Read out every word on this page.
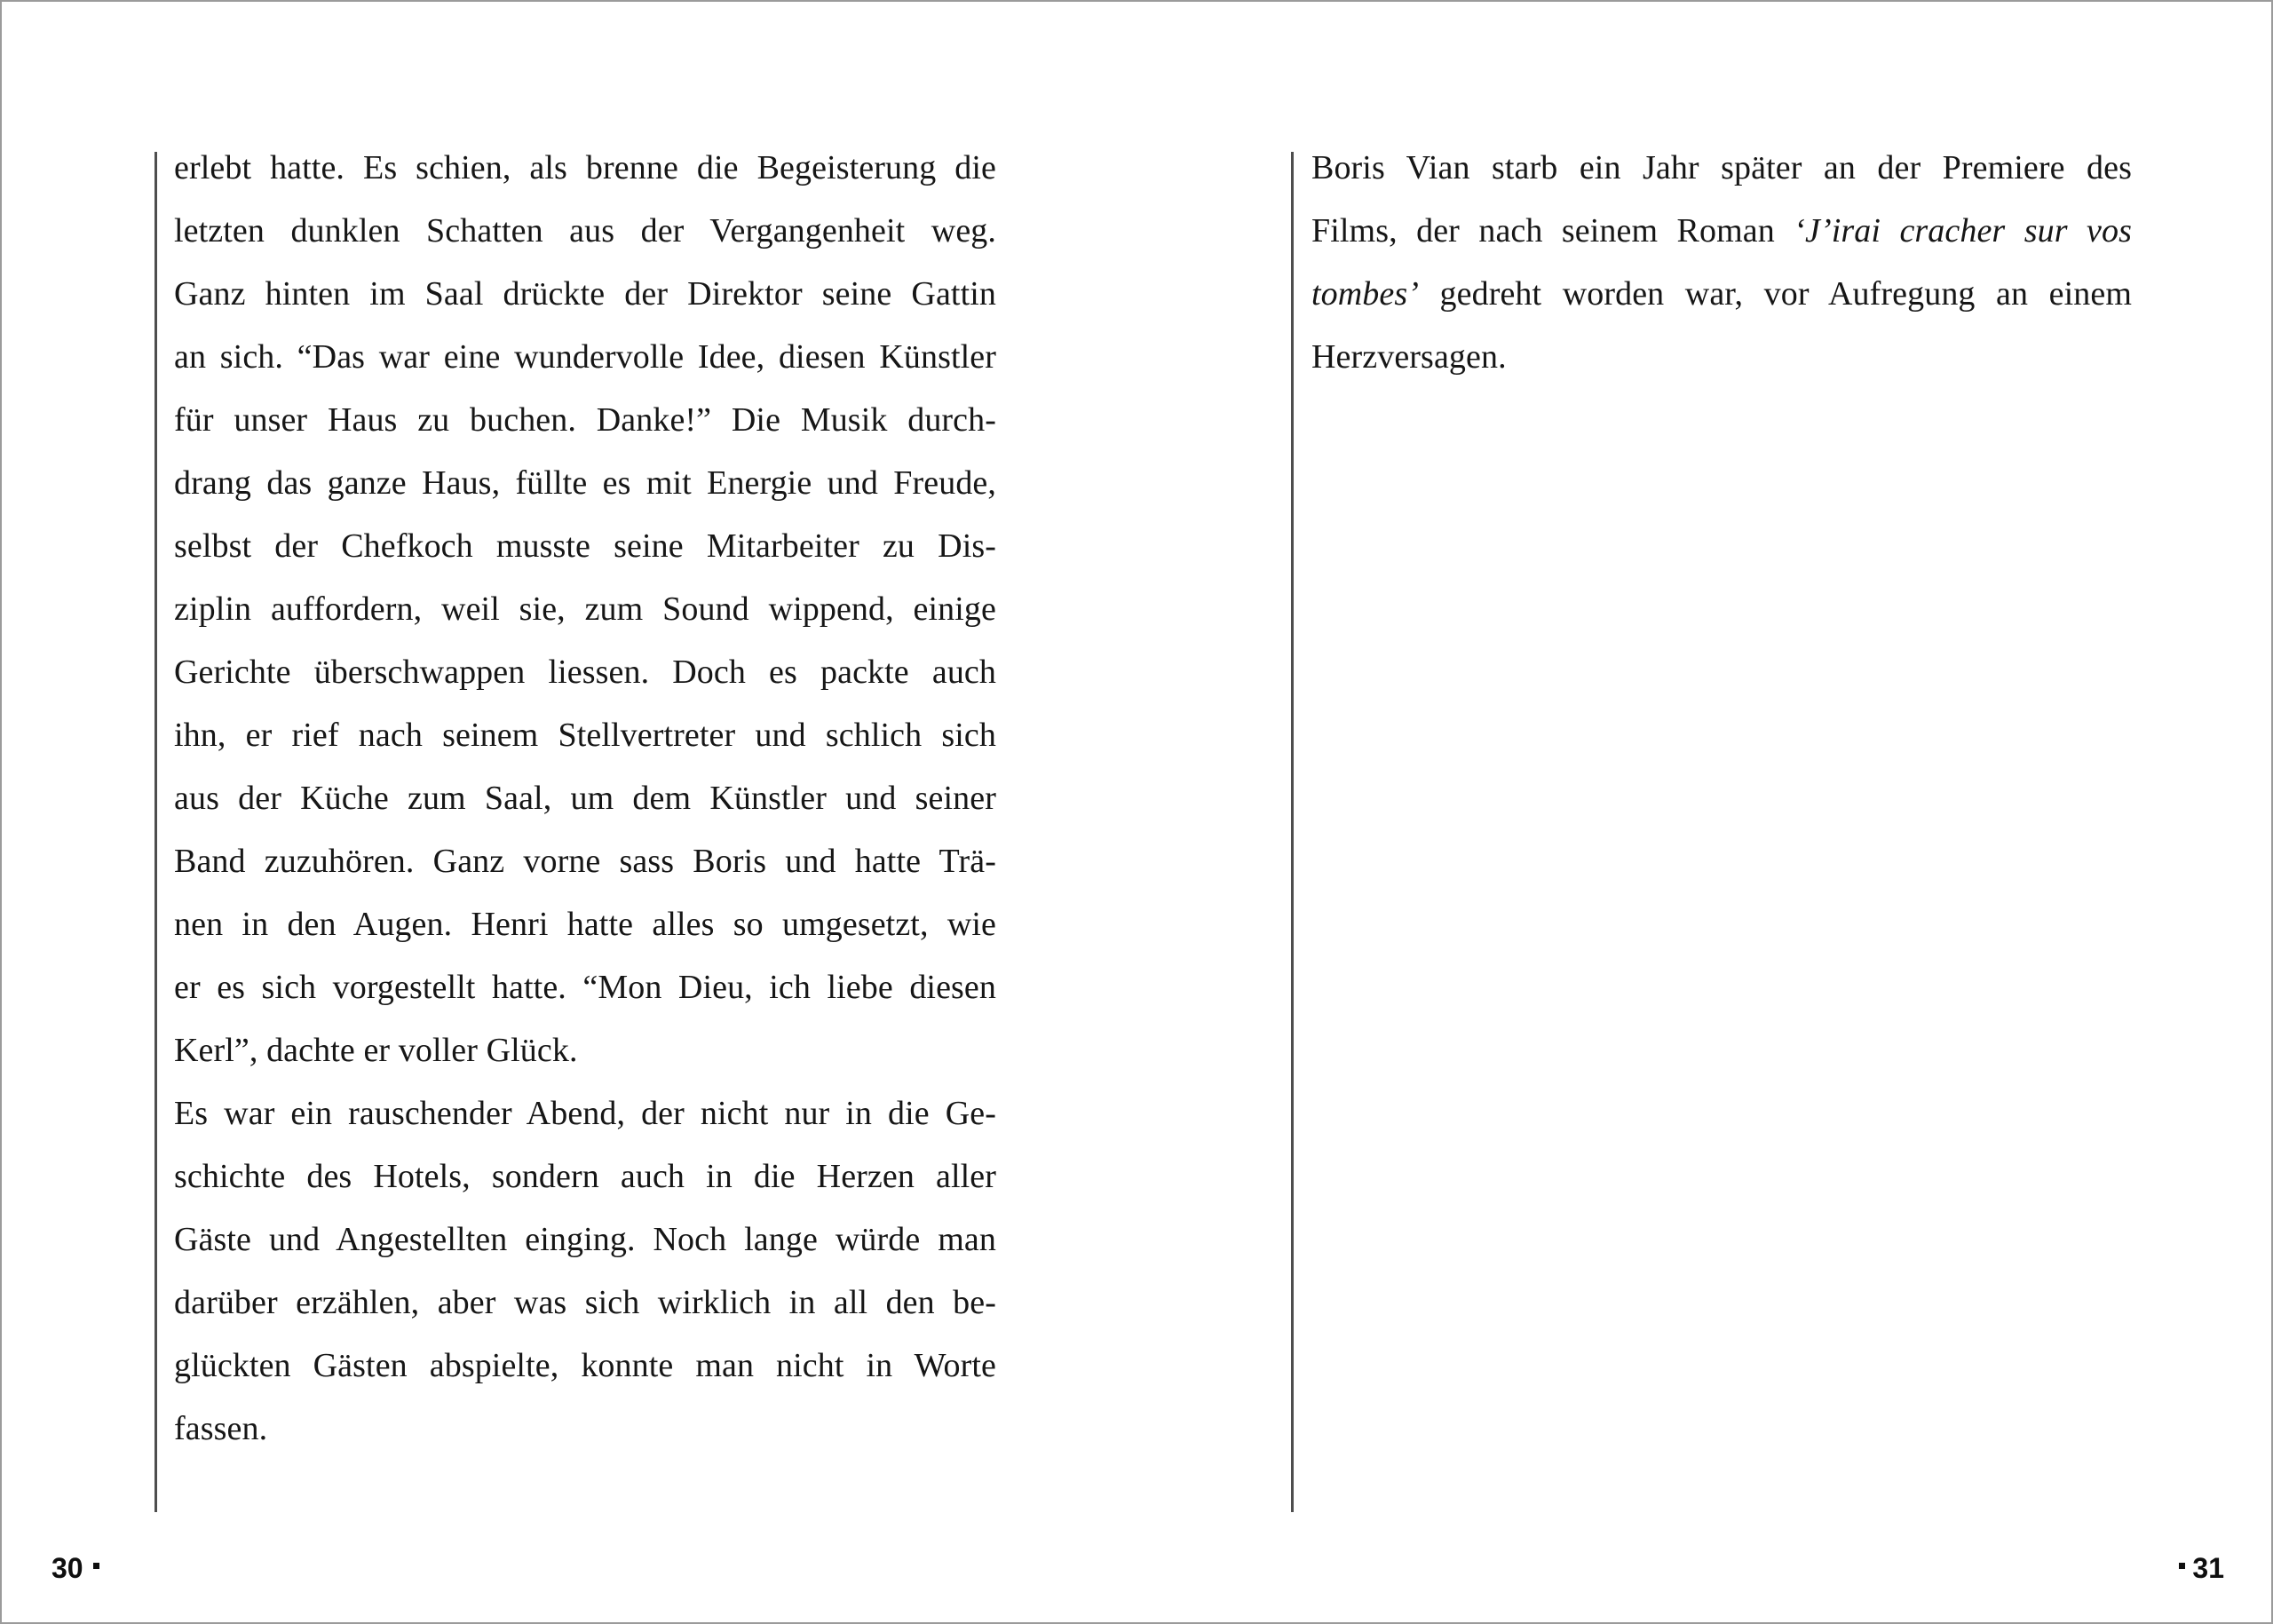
erlebt hatte. Es schien, als brenne die Begeisterung die
letzten dunklen Schatten aus der Vergangenheit weg.
Ganz hinten im Saal drückte der Direktor seine Gattin
an sich. “Das war eine wundervolle Idee, diesen Künstler
für unser Haus zu buchen. Danke!” Die Musik durch-
drang das ganze Haus, füllte es mit Energie und Freude,
selbst der Chefkoch musste seine Mitarbeiter zu Dis-
ziplin auffordern, weil sie, zum Sound wippend, einige
Gerichte überschwappen liessen. Doch es packte auch
ihn, er rief nach seinem Stellvertreter und schlich sich
aus der Küche zum Saal, um dem Künstler und seiner
Band zuzuhören. Ganz vorne sass Boris und hatte Trä-
nen in den Augen. Henri hatte alles so umgesetzt, wie
er es sich vorgestellt hatte. “Mon Dieu, ich liebe diesen
Kerl”, dachte er voller Glück.
Es war ein rauschender Abend, der nicht nur in die Ge-
schichte des Hotels, sondern auch in die Herzen aller
Gäste und Angestellten einging. Noch lange würde man
darüber erzählen, aber was sich wirklich in all den be-
glückten Gästen abspielte, konnte man nicht in Worte
fassen.
Boris Vian starb ein Jahr später an der Premiere des
Films, der nach seinem Roman ‘J’irai cracher sur vos
tombes’ gedreht worden war, vor Aufregung an einem
Herzversagen.
30	31
